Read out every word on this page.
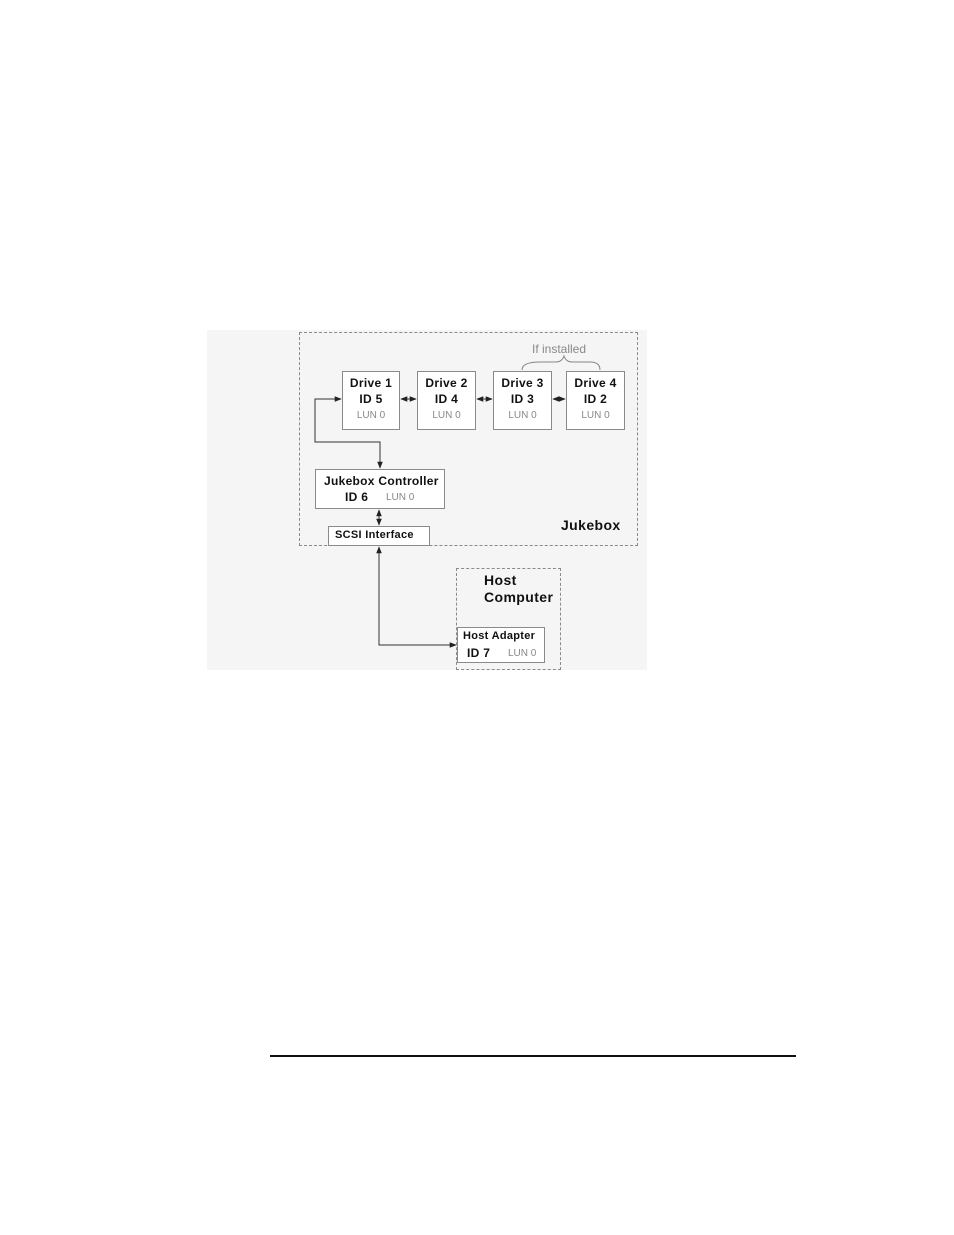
Jukebox
If installed
Drive 1
ID 5
LUN 0
Drive 2
ID 4
LUN 0
Drive 3
ID 3
LUN 0
Drive 4
ID 2
LUN 0
Jukebox Controller
ID 6 LUN 0
SCSI Interface
Host
Computer
Host Adapter
ID 7 LUN 0
